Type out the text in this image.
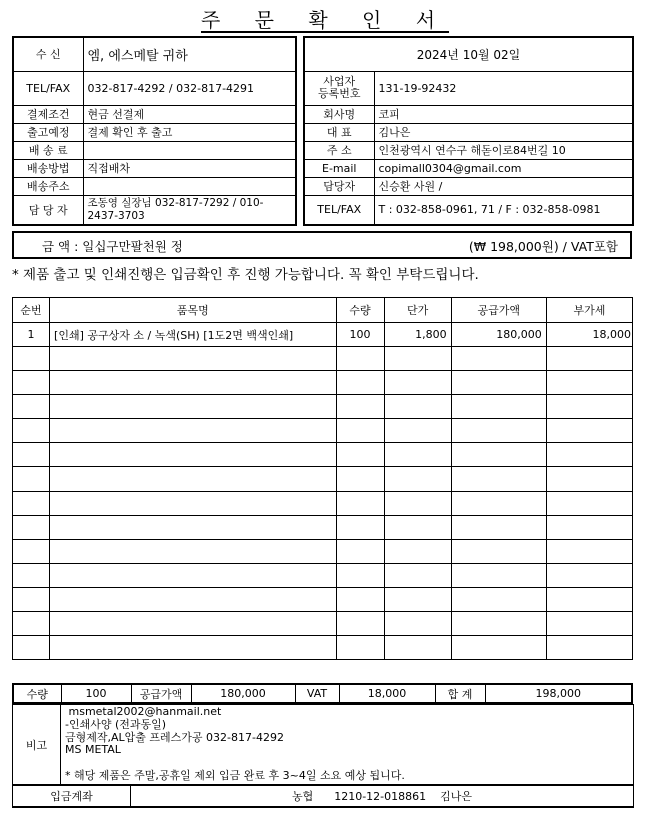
주 문 확 인 서
수 신	엠, 에스메탈 귀하
TEL/FAX	032-817-4292 / 032-817-4291
결제조건	현금 선결제
출고예정	결제 확인 후 출고
배 송 료	
배송방법	직접배차
배송주소	
담 당 자	조동영 실장님 032-817-7292 / 010-
2437-3703
2024년 10월 02일	
사업자
등록번호	131-19-92432
회사명	코피
대 표	김나은
주 소	인천광역시 연수구 해돋이로84번길 10
E-mail	copimall0304@gmail.com
담당자	신승환 사원 /
TEL/FAX	T : 032-858-0961, 71 / F : 032-858-0981
금 액 : 일십구만팔천원 정	(₩ 198,000원) / VAT포함
* 제품 출고 및 인쇄진행은 입금확인 후 진행 가능합니다. 꼭 확인 부탁드립니다.
순번	품목명	수량	단가	공급가액	부가세
1	[인쇄] 공구상자 소 / 녹색(SH) [1도2면 백색인쇄]	100	1,800	180,000	18,000

수량	100	공급가액	180,000	VAT	18,000	합 계	198,000
비고	
msmetal2002@hanmail.net
-인쇄사양 (전과동일)
금형제작,AL압출 프레스가공 032-817-4292
MS METAL
* 해당 제품은 주말,공휴일 제외 입금 완료 후 3~4일 소요 예상 됩니다.
입금계좌	농협      1210-12-018861    김나은
